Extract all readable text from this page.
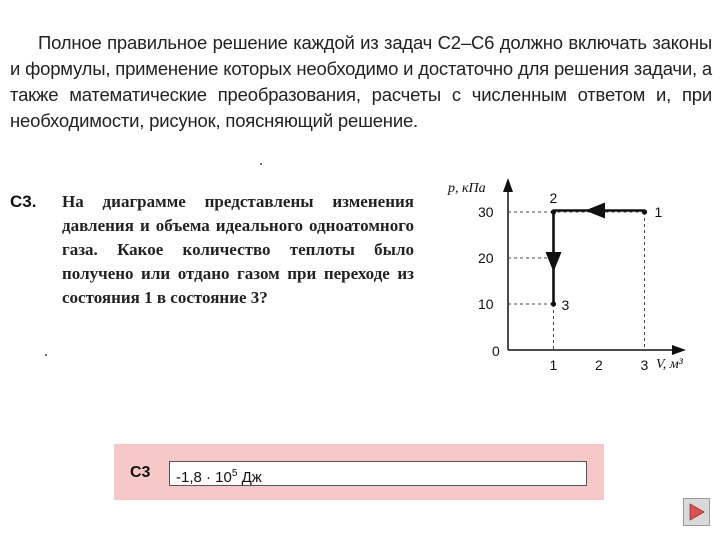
Полное правильное решение каждой из задач С2–С6 должно включать законы и формулы, применение которых необходимо и достаточно для решения задачи, а также математические преобразования, расчеты с численным ответом и, при необходимости, рисунок, поясняющий решение.
С3. На диаграмме представлены изменения давления и объема идеального одноатомного газа. Какое количество теплоты было получено или отдано газом при переходе из состояния 1 в состояние 3?
p, кПа
V, м³
0
30
20
10
1	2	3
1
2
3
С3	$-1,8 \cdot 10^5$ Дж
